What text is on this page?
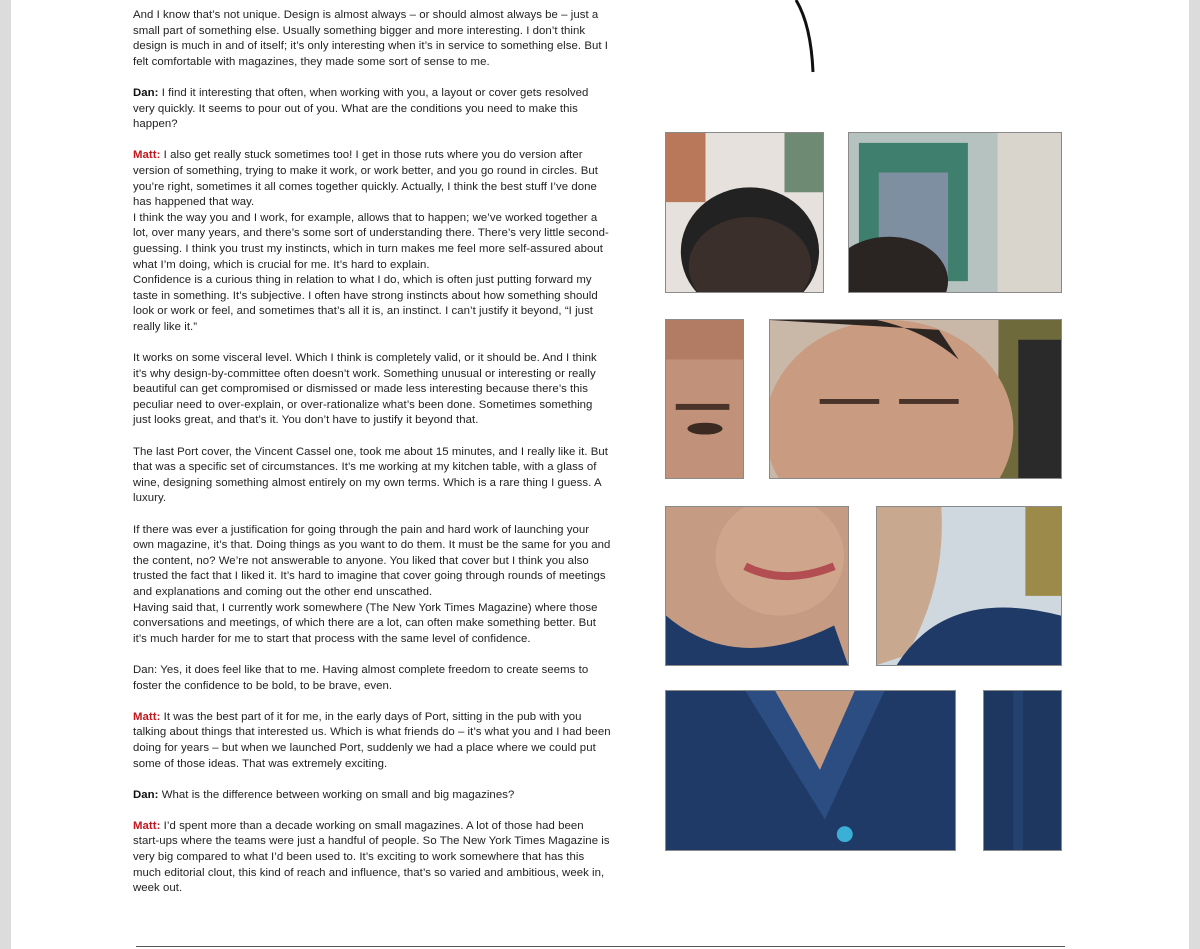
And I know that’s not unique. Design is almost always – or should almost always be – just a small part of something else. Usually something bigger and more interesting. I don’t think design is much in and of itself; it’s only interesting when it’s in service to something else. But I felt comfortable with magazines, they made some sort of sense to me.

Dan: I find it interesting that often, when working with you, a layout or cover gets resolved very quickly. It seems to pour out of you. What are the conditions you need to make this happen?

Matt: I also get really stuck sometimes too! I get in those ruts where you do version after version of something, trying to make it work, or work better, and you go round in circles. But you’re right, sometimes it all comes together quickly. Actually, I think the best stuff I’ve done has happened that way.

I think the way you and I work, for example, allows that to happen; we’ve worked together a lot, over many years, and there’s some sort of understanding there. There’s very little second-guessing. I think you trust my instincts, which in turn makes me feel more self-assured about what I’m doing, which is crucial for me. It’s hard to explain.

Confidence is a curious thing in relation to what I do, which is often just putting forward my taste in something. It’s subjective. I often have strong instincts about how something should look or work or feel, and sometimes that’s all it is, an instinct. I can’t justify it beyond, “I just really like it.”

It works on some visceral level. Which I think is completely valid, or it should be. And I think it’s why design-by-committee often doesn’t work. Something unusual or interesting or really beautiful can get compromised or dismissed or made less interesting because there’s this peculiar need to over-explain, or over-rationalize what’s been done. Sometimes something just looks great, and that’s it. You don’t have to justify it beyond that.

The last Port cover, the Vincent Cassel one, took me about 15 minutes, and I really like it. But that was a specific set of circumstances. It’s me working at my kitchen table, with a glass of wine, designing something almost entirely on my own terms. Which is a rare thing I guess. A luxury.

If there was ever a justification for going through the pain and hard work of launching your own magazine, it’s that. Doing things as you want to do them. It must be the same for you and the content, no? We’re not answerable to anyone. You liked that cover but I think you also trusted the fact that I liked it. It’s hard to imagine that cover going through rounds of meetings and explanations and coming out the other end unscathed.

Having said that, I currently work somewhere (The New York Times Magazine) where those conversations and meetings, of which there are a lot, can often make something better. But it’s much harder for me to start that process with the same level of confidence.

Dan: Yes, it does feel like that to me. Having almost complete freedom to create seems to foster the confidence to be bold, to be brave, even.

Matt: It was the best part of it for me, in the early days of Port, sitting in the pub with you talking about things that interested us. Which is what friends do – it’s what you and I had been doing for years – but when we launched Port, suddenly we had a place where we could put some of those ideas. That was extremely exciting.

Dan: What is the difference between working on small and big magazines?

Matt: I’d spent more than a decade working on small magazines. A lot of those had been start-ups where the teams were just a handful of people. So The New York Times Magazine is very big compared to what I’d been used to. It’s exciting to work somewhere that has this much editorial clout, this kind of reach and influence, that’s so varied and ambitious, week in, week out.
